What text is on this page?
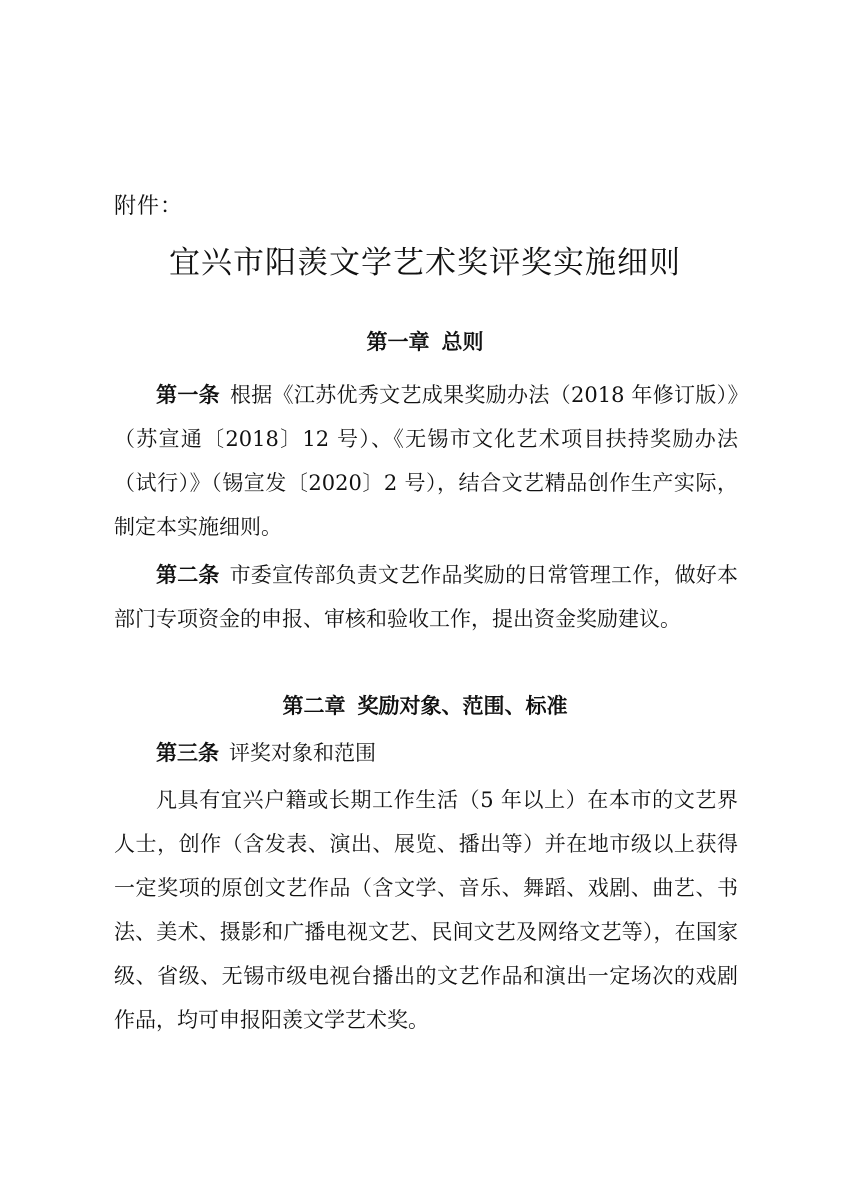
附件：
宜兴市阳羡文学艺术奖评奖实施细则
第一章 总则

第一条 根据《江苏优秀文艺成果奖励办法（2018 年修订版）》（苏宣通〔2018〕12 号）、《无锡市文化艺术项目扶持奖励办法（试行）》（锡宣发〔2020〕2 号），结合文艺精品创作生产实际，制定本实施细则。

第二条 市委宣传部负责文艺作品奖励的日常管理工作，做好本部门专项资金的申报、审核和验收工作，提出资金奖励建议。

第二章 奖励对象、范围、标准

第三条 评奖对象和范围

凡具有宜兴户籍或长期工作生活（5 年以上）在本市的文艺界人士，创作（含发表、演出、展览、播出等）并在地市级以上获得一定奖项的原创文艺作品（含文学、音乐、舞蹈、戏剧、曲艺、书法、美术、摄影和广播电视文艺、民间文艺及网络文艺等），在国家级、省级、无锡市级电视台播出的文艺作品和演出一定场次的戏剧作品，均可申报阳羡文学艺术奖。
